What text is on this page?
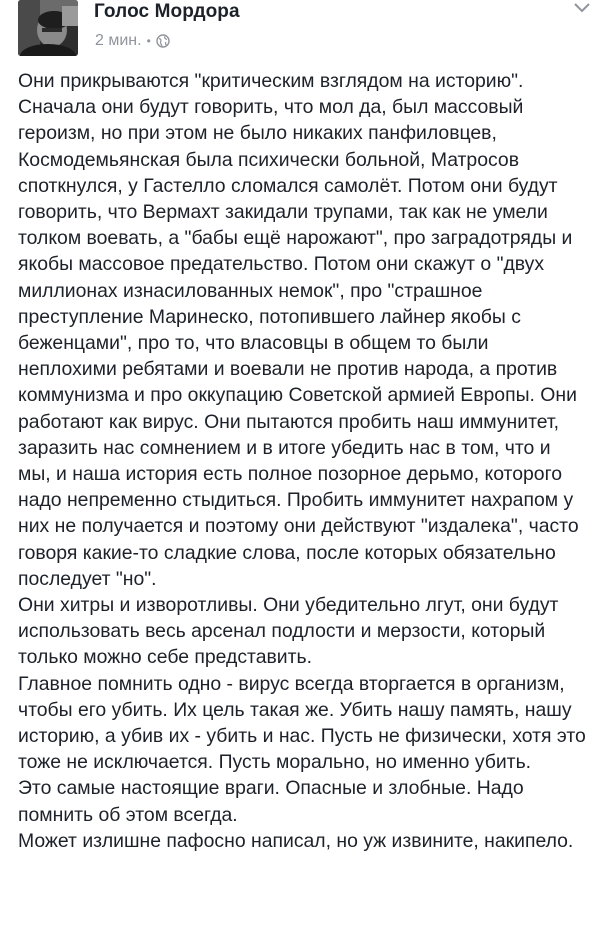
Голос Мордора
2 мин. •

Они прикрываются "критическим взглядом на историю". Сначала они будут говорить, что мол да, был массовый героизм, но при этом не было никаких панфиловцев, Космодемьянская была психически больной, Матросов споткнулся, у Гастелло сломался самолёт. Потом они будут говорить, что Вермахт закидали трупами, так как не умели толком воевать, а "бабы ещё нарожают", про заградотряды и якобы массовое предательство. Потом они скажут о "двух миллионах изнасилованных немок", про "страшное преступление Маринеско, потопившего лайнер якобы с беженцами", про то, что власовцы в общем то были неплохими ребятами и воевали не против народа, а против коммунизма и про оккупацию Советской армией Европы. Они работают как вирус. Они пытаются пробить наш иммунитет, заразить нас сомнением и в итоге убедить нас в том, что и мы, и наша история есть полное позорное дерьмо, которого надо непременно стыдиться. Пробить иммунитет нахрапом у них не получается и поэтому они действуют "издалека", часто говоря какие-то сладкие слова, после которых обязательно последует "но".

Они хитры и изворотливы. Они убедительно лгут, они будут использовать весь арсенал подлости и мерзости, который только можно себе представить.

Главное помнить одно - вирус всегда вторгается в организм, чтобы его убить. Их цель такая же. Убить нашу память, нашу историю, а убив их - убить и нас. Пусть не физически, хотя это тоже не исключается. Пусть морально, но именно убить.

Это самые настоящие враги. Опасные и злобные. Надо помнить об этом всегда.

Может излишне пафосно написал, но уж извините, накипело.
